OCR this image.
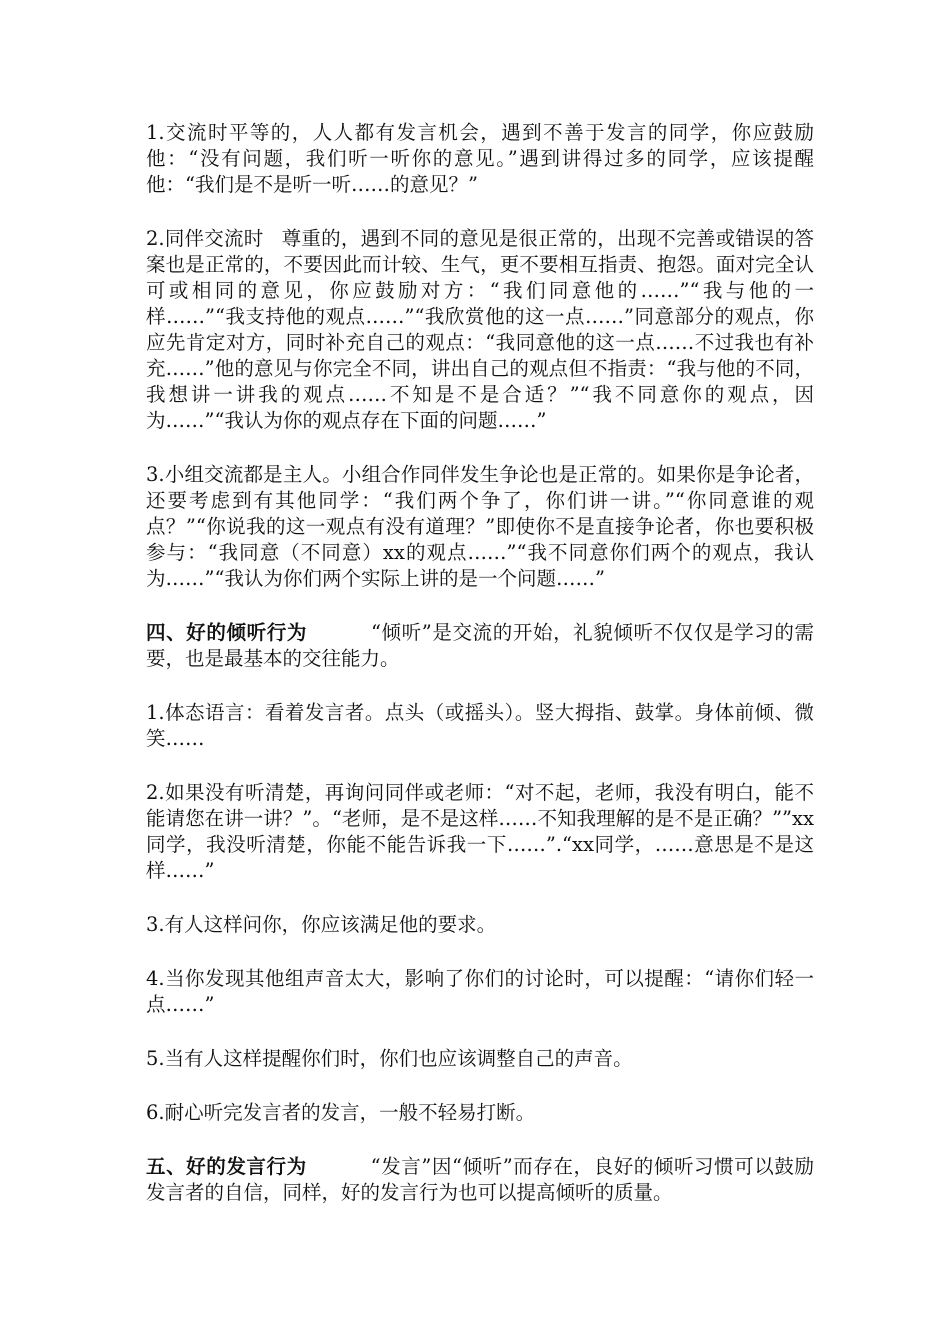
1.交流时平等的，人人都有发言机会，遇到不善于发言的同学，你应鼓励他：“没有问题，我们听一听你的意见。”遇到讲得过多的同学，应该提醒他：“我们是不是听一听……的意见？”

2.同伴交流时 尊重的，遇到不同的意见是很正常的，出现不完善或错误的答案也是正常的，不要因此而计较、生气，更不要相互指责、抱怨。面对完全认可或相同的意见，你应鼓励对方：“我们同意他的……”“我与他的一样……”“我支持他的观点……”“我欣赏他的这一点……”同意部分的观点，你应先肯定对方，同时补充自己的观点：“我同意他的这一点……不过我也有补充……”他的意见与你完全不同，讲出自己的观点但不指责：“我与他的不同，我想讲一讲我的观点……不知是不是合适？”“我不同意你的观点，因为……”“我认为你的观点存在下面的问题……”

3.小组交流都是主人。小组合作同伴发生争论也是正常的。如果你是争论者，还要考虑到有其他同学：“我们两个争了，你们讲一讲。”“你同意谁的观点？”“你说我的这一观点有没有道理？”即使你不是直接争论者，你也要积极参与：“我同意（不同意）xx的观点……”“我不同意你们两个的观点，我认为……”“我认为你们两个实际上讲的是一个问题……”

四、好的倾听行为	“倾听”是交流的开始，礼貌倾听不仅仅是学习的需要，也是最基本的交往能力。

1.体态语言：看着发言者。点头（或摇头）。竖大拇指、鼓掌。身体前倾、微笑……

2.如果没有听清楚，再询问同伴或老师：“对不起，老师，我没有明白，能不能请您在讲一讲？”。“老师，是不是这样……不知我理解的是不是正确？””xx同学，我没听清楚，你能不能告诉我一下……”.“xx同学，……意思是不是这样……”

3.有人这样问你，你应该满足他的要求。

4.当你发现其他组声音太大，影响了你们的讨论时，可以提醒：“请你们轻一点……”

5.当有人这样提醒你们时，你们也应该调整自己的声音。

6.耐心听完发言者的发言，一般不轻易打断。

五、好的发言行为	“发言”因“倾听”而存在，良好的倾听习惯可以鼓励发言者的自信，同样，好的发言行为也可以提高倾听的质量。
